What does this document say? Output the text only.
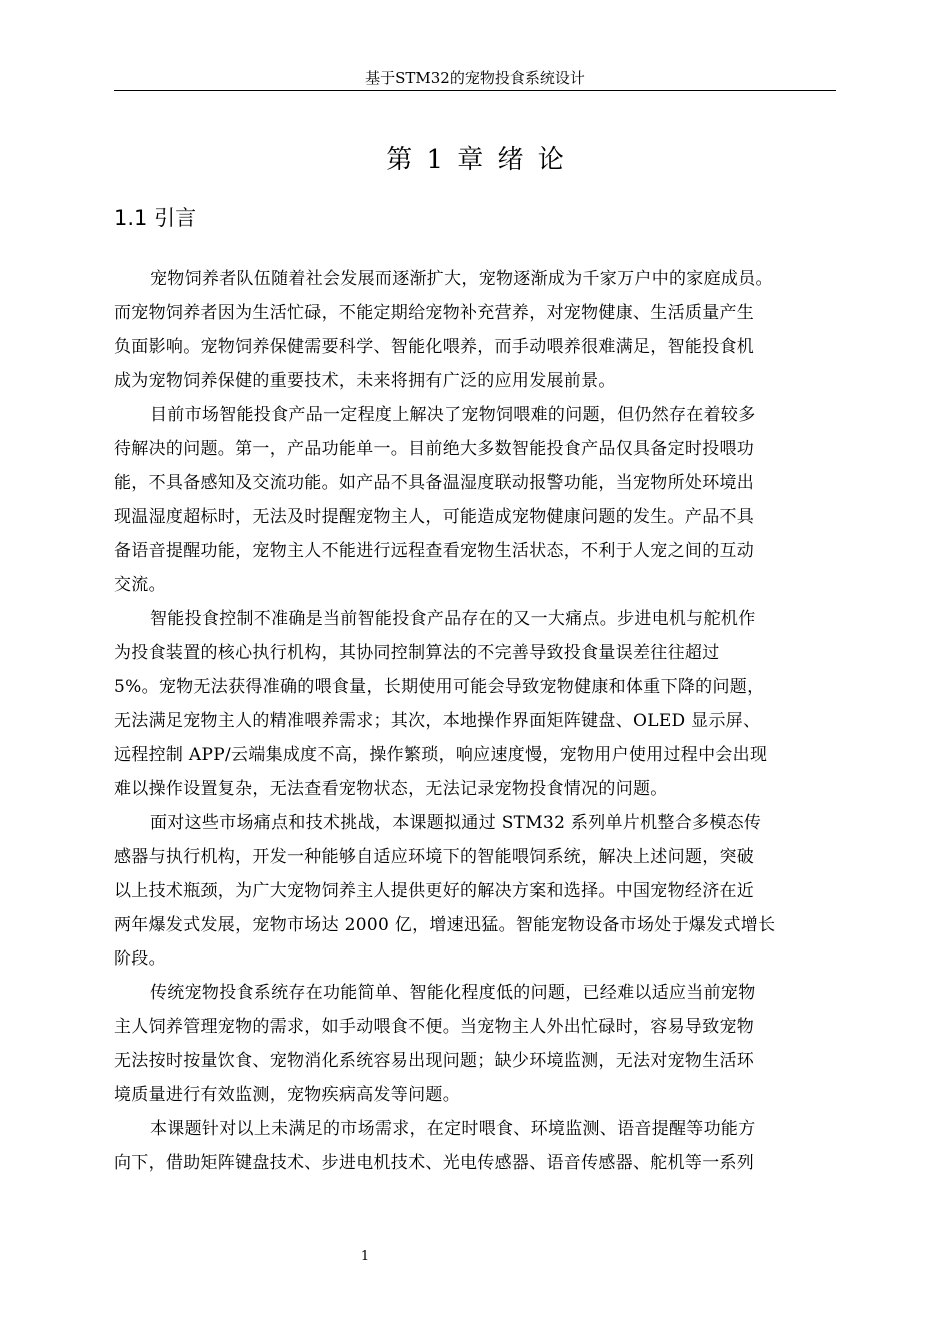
基于STM32的宠物投食系统设计
第 1 章 绪 论
1.1 引言

宠物饲养者队伍随着社会发展而逐渐扩大，宠物逐渐成为千家万户中的家庭成员。
而宠物饲养者因为生活忙碌，不能定期给宠物补充营养，对宠物健康、生活质量产生
负面影响。宠物饲养保健需要科学、智能化喂养，而手动喂养很难满足，智能投食机
成为宠物饲养保健的重要技术，未来将拥有广泛的应用发展前景。

目前市场智能投食产品一定程度上解决了宠物饲喂难的问题，但仍然存在着较多
待解决的问题。第一，产品功能单一。目前绝大多数智能投食产品仅具备定时投喂功
能，不具备感知及交流功能。如产品不具备温湿度联动报警功能，当宠物所处环境出
现温湿度超标时，无法及时提醒宠物主人，可能造成宠物健康问题的发生。产品不具
备语音提醒功能，宠物主人不能进行远程查看宠物生活状态，不利于人宠之间的互动
交流。

智能投食控制不准确是当前智能投食产品存在的又一大痛点。步进电机与舵机作
为投食装置的核心执行机构，其协同控制算法的不完善导致投食量误差往往超过
5%。宠物无法获得准确的喂食量，长期使用可能会导致宠物健康和体重下降的问题，
无法满足宠物主人的精准喂养需求；其次，本地操作界面矩阵键盘、OLED 显示屏、
远程控制 APP/云端集成度不高，操作繁琐，响应速度慢，宠物用户使用过程中会出现
难以操作设置复杂，无法查看宠物状态，无法记录宠物投食情况的问题。

面对这些市场痛点和技术挑战，本课题拟通过 STM32 系列单片机整合多模态传
感器与执行机构，开发一种能够自适应环境下的智能喂饲系统，解决上述问题，突破
以上技术瓶颈，为广大宠物饲养主人提供更好的解决方案和选择。中国宠物经济在近
两年爆发式发展，宠物市场达 2000 亿，增速迅猛。智能宠物设备市场处于爆发式增长
阶段。

传统宠物投食系统存在功能简单、智能化程度低的问题，已经难以适应当前宠物
主人饲养管理宠物的需求，如手动喂食不便。当宠物主人外出忙碌时，容易导致宠物
无法按时按量饮食、宠物消化系统容易出现问题；缺少环境监测，无法对宠物生活环
境质量进行有效监测，宠物疾病高发等问题。

本课题针对以上未满足的市场需求，在定时喂食、环境监测、语音提醒等功能方
向下，借助矩阵键盘技术、步进电机技术、光电传感器、语音传感器、舵机等一系列

1
